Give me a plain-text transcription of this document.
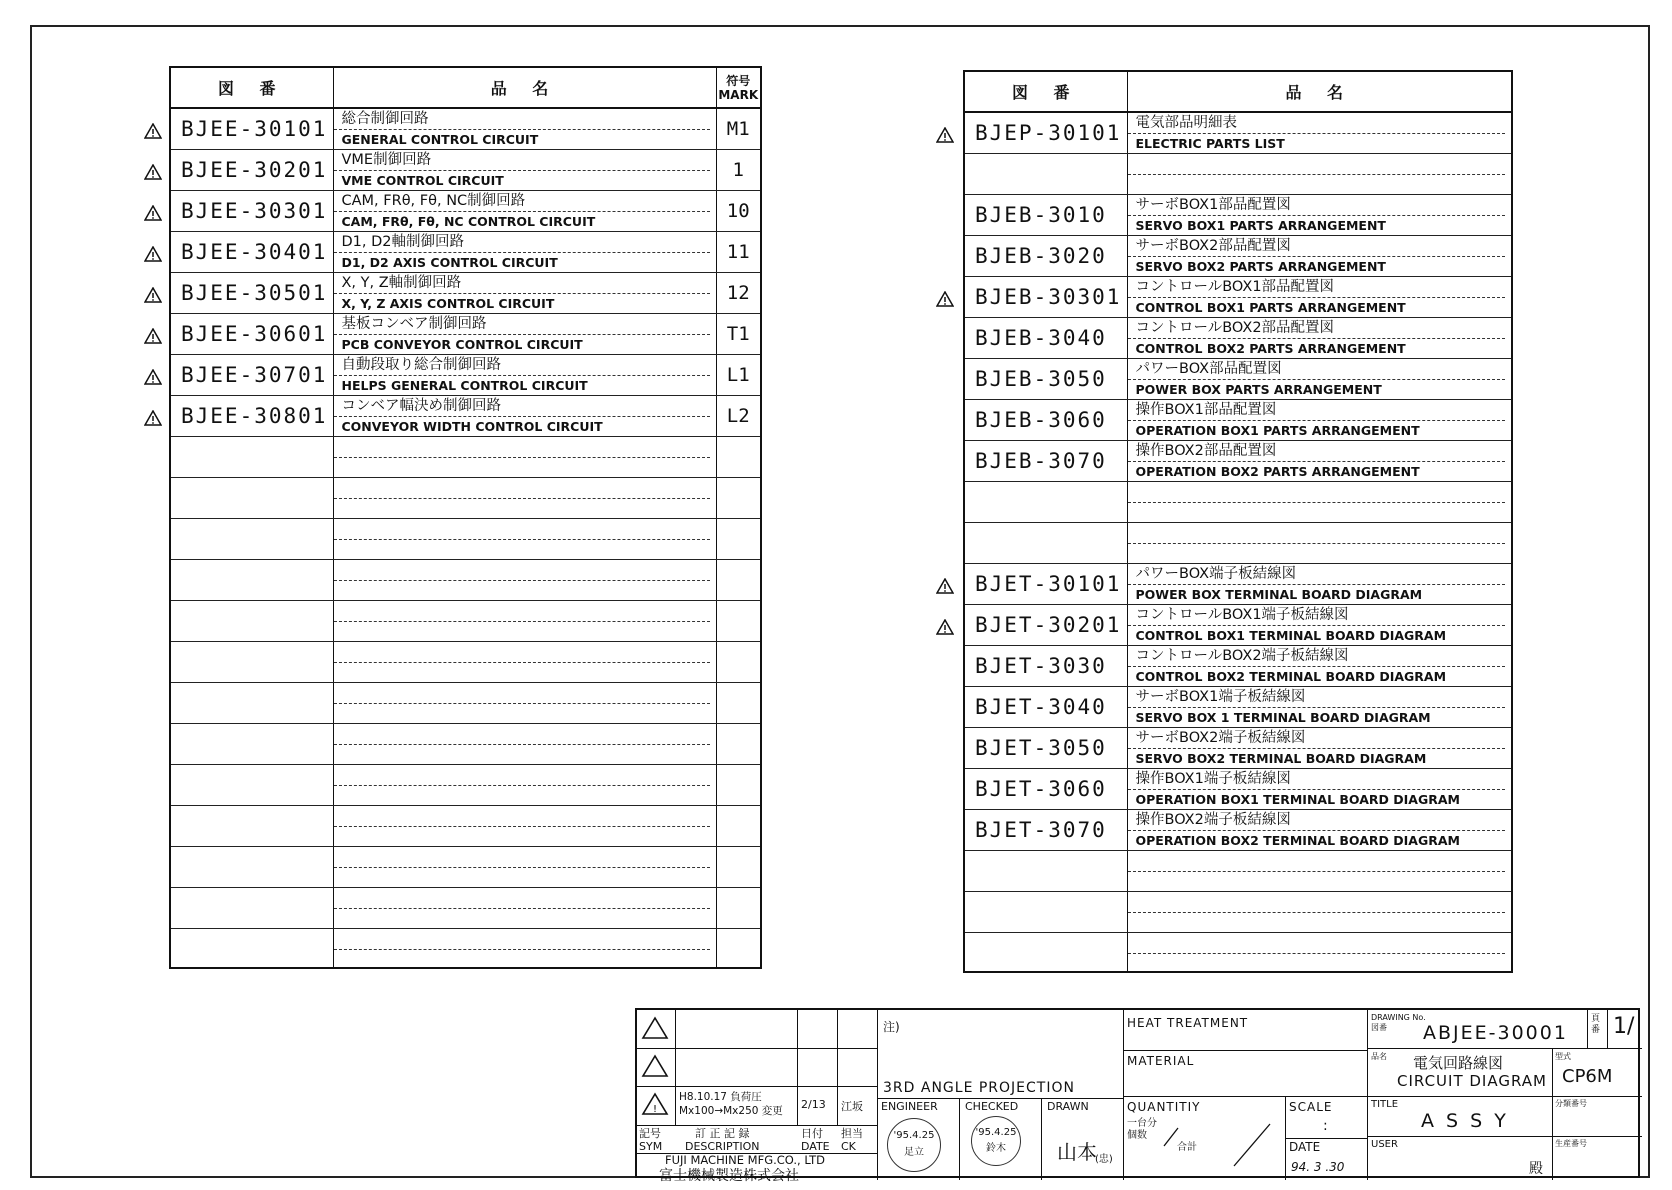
図 番	品 名	符号
MARK
BJEE-30101	総合制御回路
GENERAL CONTROL CIRCUIT	M1
BJEE-30201	VME制御回路
VME CONTROL CIRCUIT	1
BJEE-30301	CAM, FRθ, Fθ, NC制御回路
CAM, FRθ, Fθ, NC CONTROL CIRCUIT	10
BJEE-30401	D1, D2軸制御回路
D1, D2 AXIS CONTROL CIRCUIT	11
BJEE-30501	X, Y, Z軸制御回路
X, Y, Z AXIS CONTROL CIRCUIT	12
BJEE-30601	基板コンベア制御回路
PCB CONVEYOR CONTROL CIRCUIT	T1
BJEE-30701	自動段取り総合制御回路
HELPS GENERAL CONTROL CIRCUIT	L1
BJEE-30801	コンベア幅決め制御回路
CONVEYOR WIDTH CONTROL CIRCUIT	L2

図 番	品 名
BJEP-30101	電気部品明細表
ELECTRIC PARTS LIST

BJEB-3010	サーボBOX1部品配置図
SERVO BOX1 PARTS ARRANGEMENT

BJEB-3020	サーボBOX2部品配置図
SERVO BOX2 PARTS ARRANGEMENT

BJEB-30301	コントロールBOX1部品配置図
CONTROL BOX1 PARTS ARRANGEMENT

BJEB-3040	コントロールBOX2部品配置図
CONTROL BOX2 PARTS ARRANGEMENT

BJEB-3050	パワーBOX部品配置図
POWER BOX PARTS ARRANGEMENT

BJEB-3060	操作BOX1部品配置図
OPERATION BOX1 PARTS ARRANGEMENT

BJEB-3070	操作BOX2部品配置図
OPERATION BOX2 PARTS ARRANGEMENT

BJET-30101	パワーBOX端子板結線図
POWER BOX TERMINAL BOARD DIAGRAM

BJET-30201	コントロールBOX1端子板結線図
CONTROL BOX1 TERMINAL BOARD DIAGRAM

BJET-3030	コントロールBOX2端子板結線図
CONTROL BOX2 TERMINAL BOARD DIAGRAM

BJET-3040	サーボBOX1端子板結線図
SERVO BOX 1 TERMINAL BOARD DIAGRAM

BJET-3050	サーボBOX2端子板結線図
SERVO BOX2 TERMINAL BOARD DIAGRAM

BJET-3060	操作BOX1端子板結線図
OPERATION BOX1 TERMINAL BOARD DIAGRAM

BJET-3070	操作BOX2端子板結線図
OPERATION BOX2 TERMINAL BOARD DIAGRAM

!
H8.10.17 負荷圧Mx100→Mx250 変更	2/13 江坂
記号
SYM
訂 正 記 録
DESCRIPTION
日付
DATE
担当
CK
FUJI MACHINE MFG.CO., LTD
富士機械製造株式会社
注)
3RD ANGLE PROJECTION
ENGINEER CHECKED	DRAWN
'95.4.25
足立
'95.4.25
鈴木	山本
(忠)
HEAT TREATMENT
MATERIAL
QUANTITIY
一台分
個数
合計
SCALE
:
DATE
94. 3 .30
DRAWING No.
図番	ABJEE-30001
頁
番 1/
品名 電気回路線図
CIRCUIT DIAGRAM
型式
CP6M
TITLE
A S S Y
分類番号
USER
殿
生産番号
